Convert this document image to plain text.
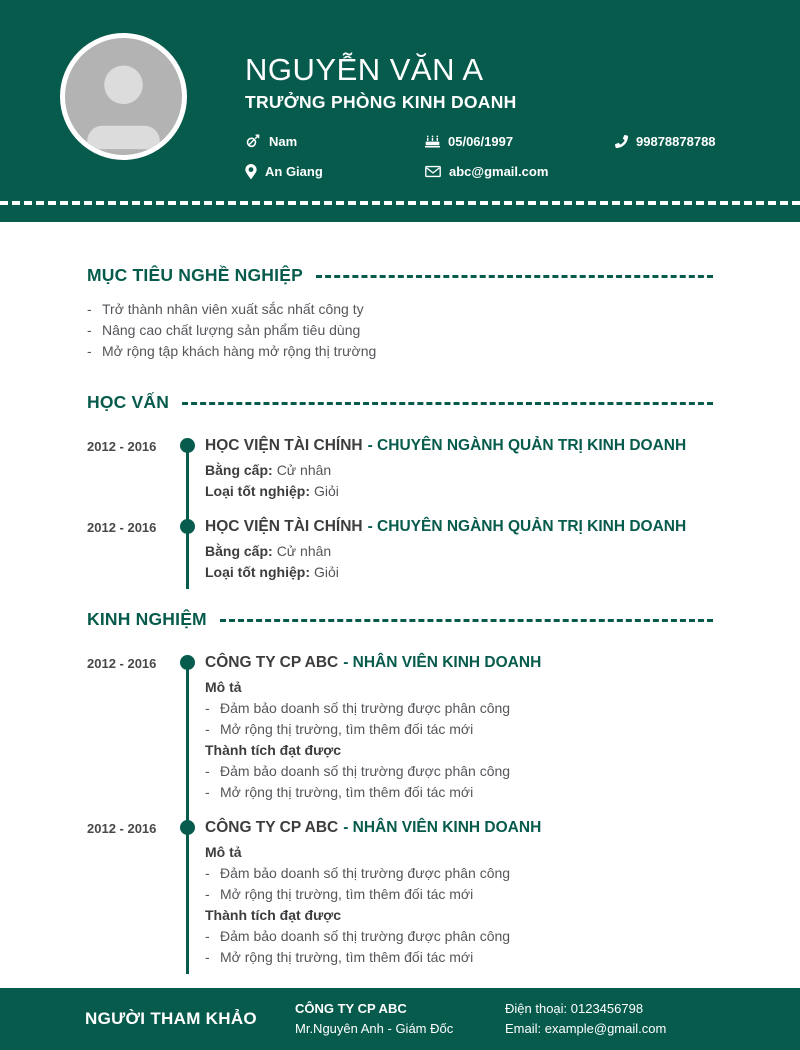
NGUYỄN VĂN A
TRƯỞNG PHÒNG KINH DOANH
Nam	05/06/1997	99878878788
An Giang	abc@gmail.com
MỤC TIÊU NGHỀ NGHIỆP
- Trở thành nhân viên xuất sắc nhất công ty
- Nâng cao chất lượng sản phẩm tiêu dùng
- Mở rộng tập khách hàng mở rộng thị trường
HỌC VẤN
2012 - 2016	HỌC VIỆN TÀI CHÍNH - CHUYÊN NGÀNH QUẢN TRỊ KINH DOANH
Bằng cấp: Cử nhân
Loại tốt nghiệp: Giỏi
2012 - 2016	HỌC VIỆN TÀI CHÍNH - CHUYÊN NGÀNH QUẢN TRỊ KINH DOANH
Bằng cấp: Cử nhân
Loại tốt nghiệp: Giỏi
KINH NGHIỆM
2012 - 2016	CÔNG TY CP ABC - NHÂN VIÊN KINH DOANH
Mô tả
- Đảm bảo doanh số thị trường được phân công
- Mở rộng thị trường, tìm thêm đối tác mới
Thành tích đạt được
- Đảm bảo doanh số thị trường được phân công
- Mở rộng thị trường, tìm thêm đối tác mới
2012 - 2016	CÔNG TY CP ABC - NHÂN VIÊN KINH DOANH
Mô tả
- Đảm bảo doanh số thị trường được phân công
- Mở rộng thị trường, tìm thêm đối tác mới
Thành tích đạt được
- Đảm bảo doanh số thị trường được phân công
- Mở rộng thị trường, tìm thêm đối tác mới
NGƯỜI THAM KHẢO
CÔNG TY CP ABC
Mr.Nguyên Anh - Giám Đốc
Điện thoại: 0123456798
Email: example@gmail.com
